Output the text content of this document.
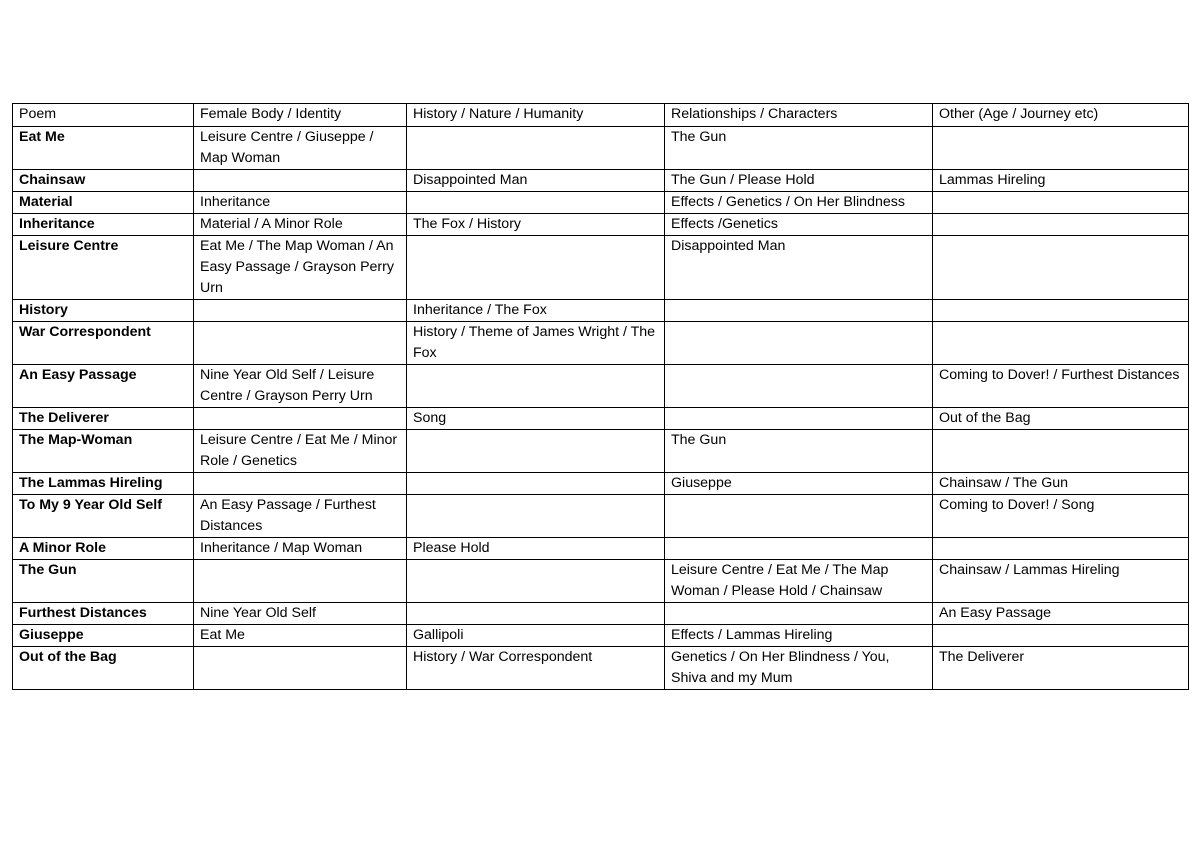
Poem	Female Body / Identity	History / Nature / Humanity	Relationships / Characters	Other (Age / Journey etc)
Eat Me	Leisure Centre / Giuseppe / Map Woman		The Gun	
Chainsaw		Disappointed Man	The Gun / Please Hold	Lammas Hireling
Material	Inheritance		Effects / Genetics / On Her Blindness	
Inheritance	Material / A Minor Role	The Fox / History	Effects /Genetics	
Leisure Centre	Eat Me / The Map Woman / An Easy Passage / Grayson Perry Urn		Disappointed Man	
History		Inheritance / The Fox		
War Correspondent		History / Theme of James Wright / The Fox		
An Easy Passage	Nine Year Old Self / Leisure Centre / Grayson Perry Urn			Coming to Dover! / Furthest Distances
The Deliverer		Song		Out of the Bag
The Map-Woman	Leisure Centre / Eat Me / Minor Role / Genetics		The Gun	
The Lammas Hireling			Giuseppe	Chainsaw / The Gun
To My 9 Year Old Self	An Easy Passage / Furthest Distances			Coming to Dover! / Song
A Minor Role	Inheritance / Map Woman	Please Hold		
The Gun			Leisure Centre / Eat Me / The Map Woman / Please Hold / Chainsaw	Chainsaw / Lammas Hireling
Furthest Distances	Nine Year Old Self			An Easy Passage
Giuseppe	Eat Me	Gallipoli	Effects / Lammas Hireling	
Out of the Bag		History / War Correspondent	Genetics / On Her Blindness / You, Shiva and my Mum	The Deliverer
